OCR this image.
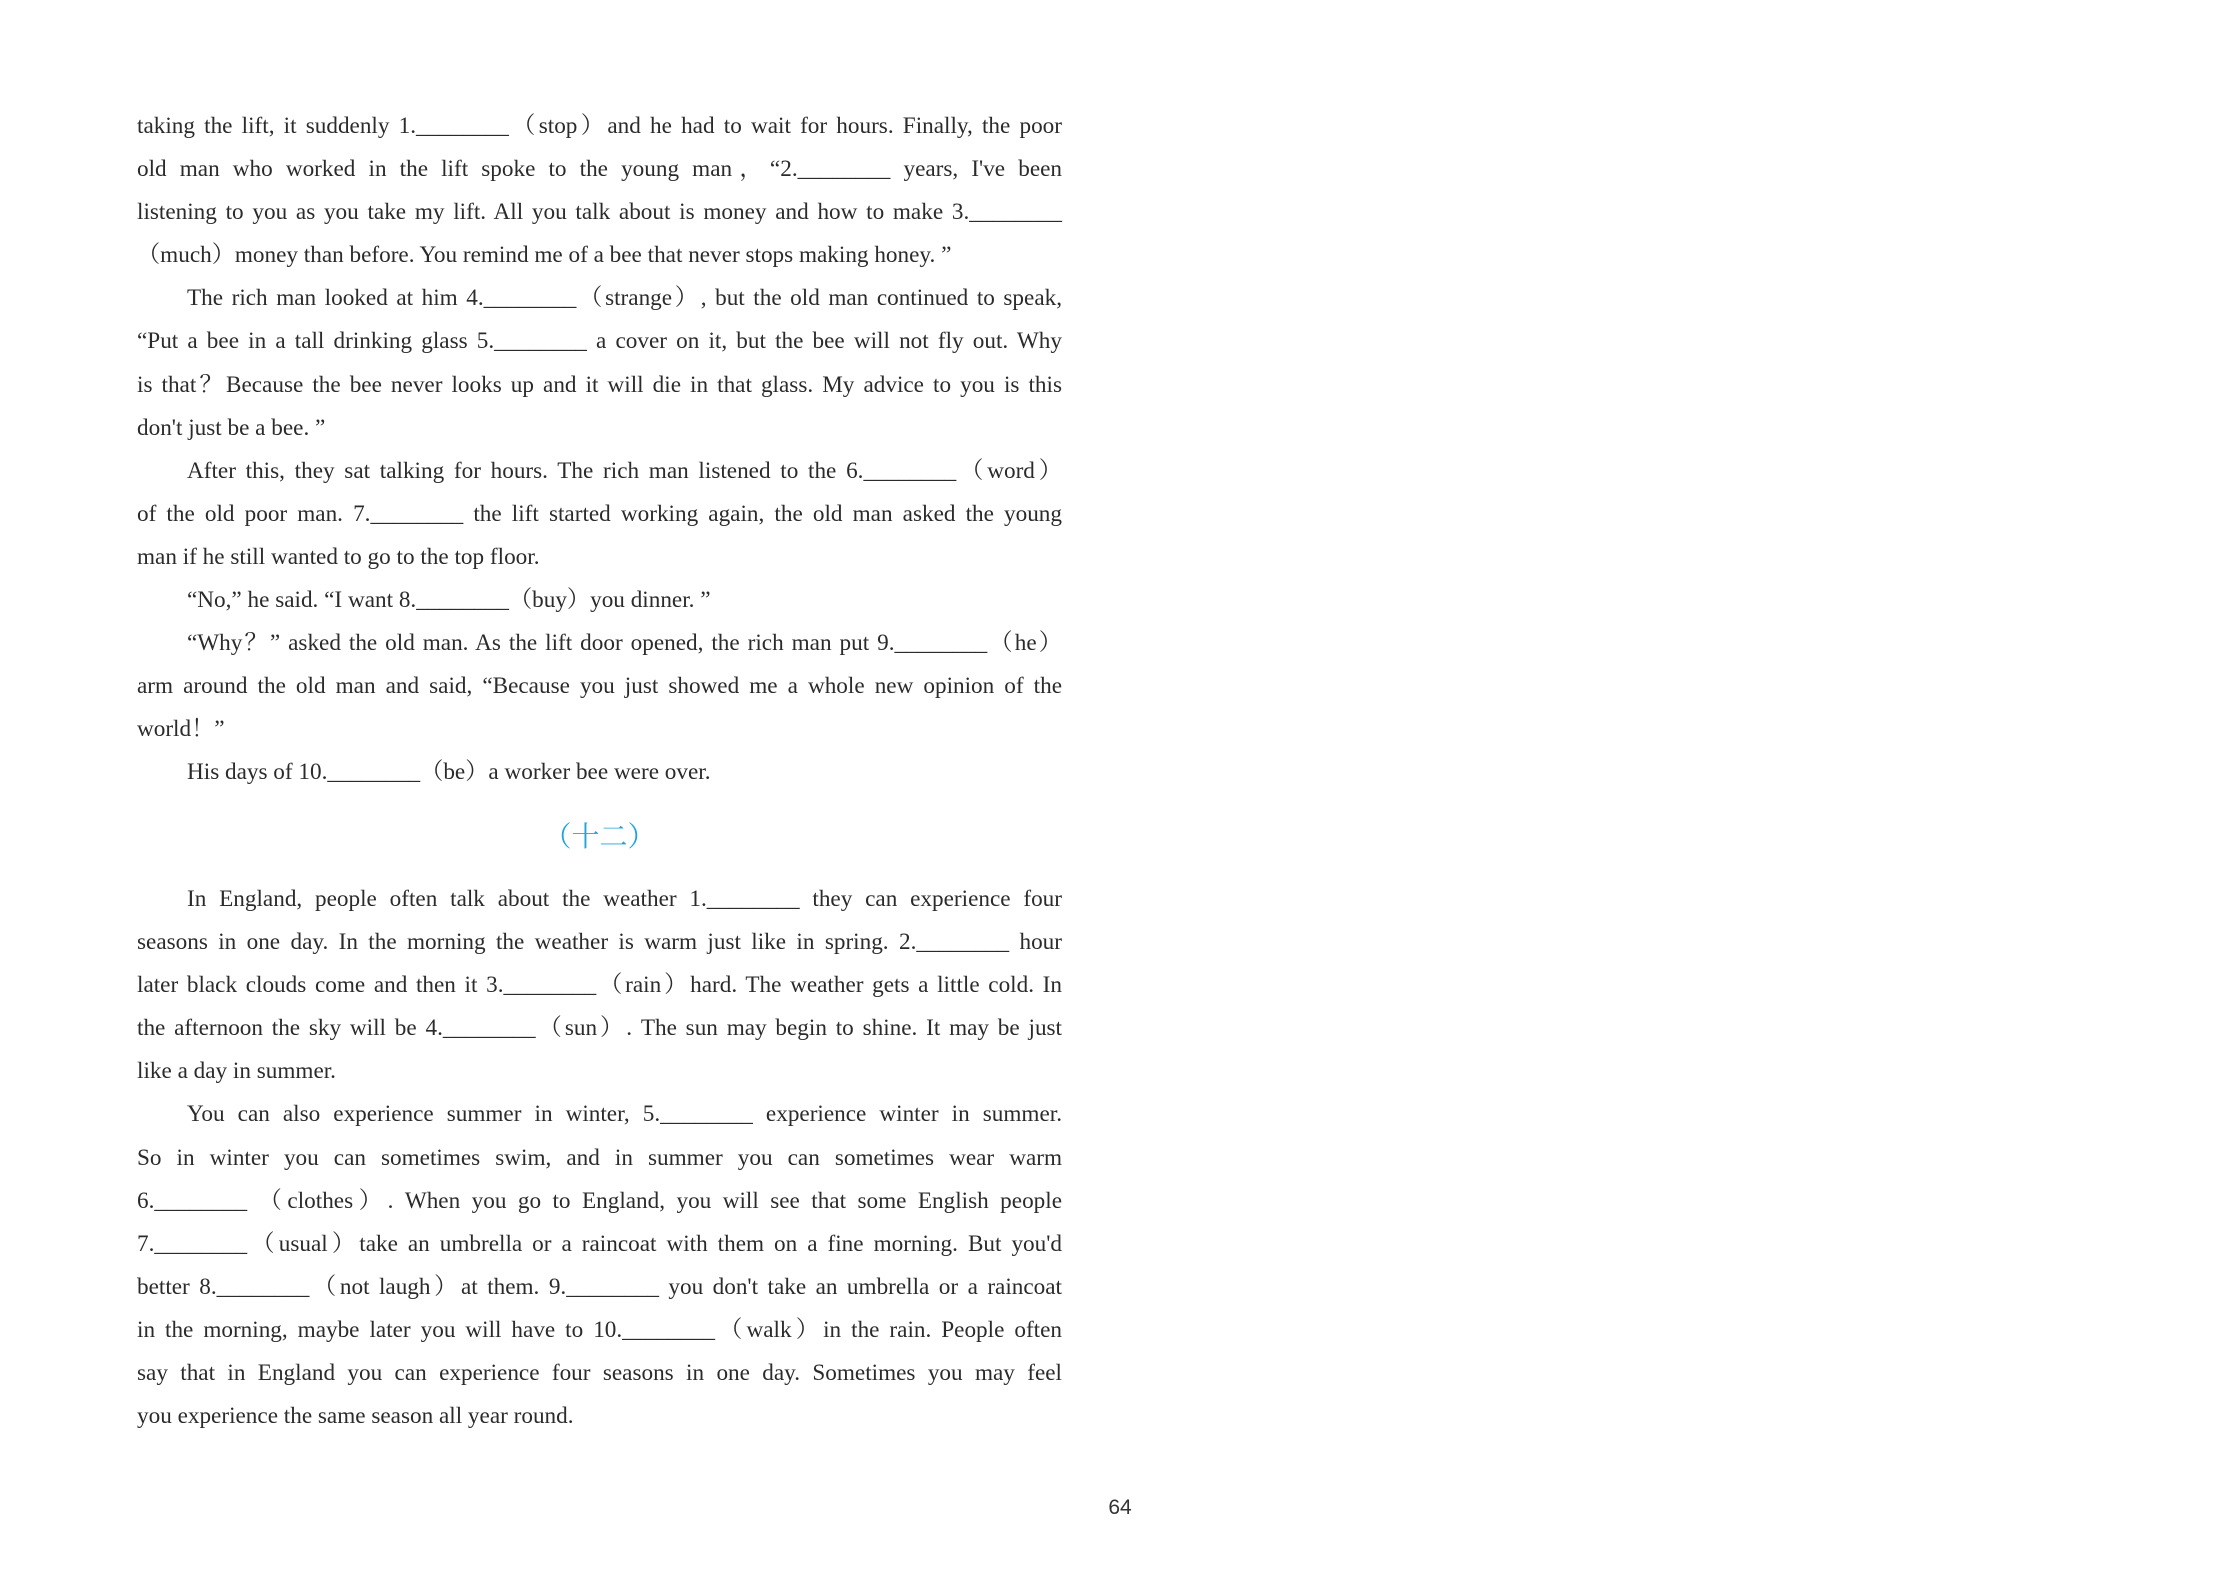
taking the lift, it suddenly 1.________（stop）and he had to wait for hours. Finally, the poor
old man who worked in the lift spoke to the young man，“2.________ years, I've been
listening to you as you take my lift. All you talk about is money and how to make 3.________
（much）money than before. You remind me of a bee that never stops making honey. ”
The rich man looked at him 4.________（strange）, but the old man continued to speak,
“Put a bee in a tall drinking glass 5.________ a cover on it, but the bee will not fly out. Why
is that？Because the bee never looks up and it will die in that glass. My advice to you is this
don't just be a bee. ”
After this, they sat talking for hours. The rich man listened to the 6.________（word）
of the old poor man. 7.________ the lift started working again, the old man asked the young
man if he still wanted to go to the top floor.
“No,” he said. “I want 8.________（buy）you dinner. ”
“Why？” asked the old man. As the lift door opened, the rich man put 9.________（he）
arm around the old man and said, “Because you just showed me a whole new opinion of the
world！”
His days of 10.________（be）a worker bee were over.
（十二）
In England, people often talk about the weather 1.________ they can experience four
seasons in one day. In the morning the weather is warm just like in spring. 2.________ hour
later black clouds come and then it 3.________（rain）hard. The weather gets a little cold. In
the afternoon the sky will be 4.________（sun）. The sun may begin to shine. It may be just
like a day in summer.
You can also experience summer in winter, 5.________ experience winter in summer.
So in winter you can sometimes swim, and in summer you can sometimes wear warm
6.________ （clothes）. When you go to England, you will see that some English people
7.________（usual）take an umbrella or a raincoat with them on a fine morning. But you'd
better 8.________（not laugh）at them. 9.________ you don't take an umbrella or a raincoat
in the morning, maybe later you will have to 10.________（walk）in the rain. People often
say that in England you can experience four seasons in one day. Sometimes you may feel
you experience the same season all year round.
64
